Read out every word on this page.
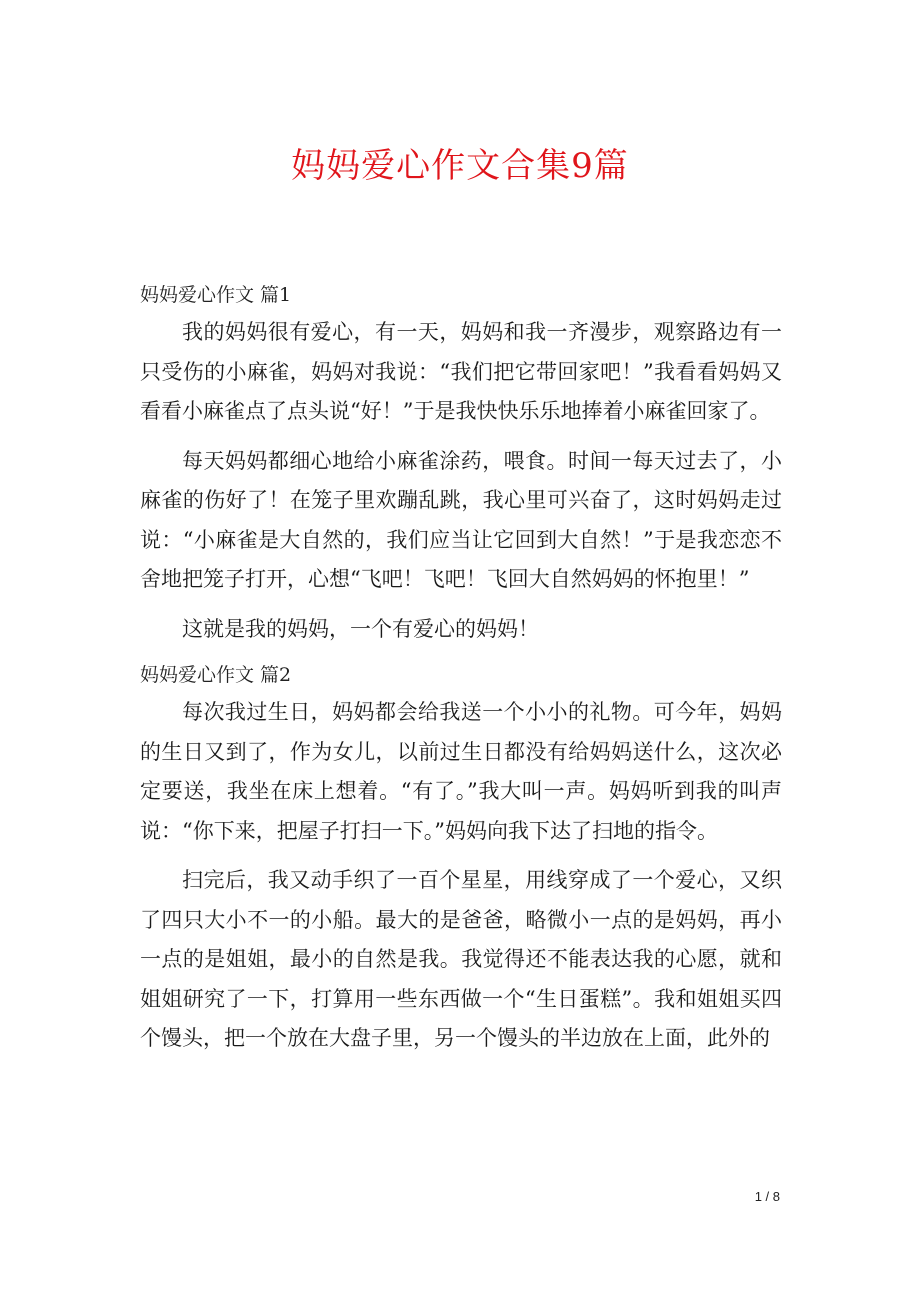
妈妈爱心作文合集9篇
妈妈爱心作文 篇1

我的妈妈很有爱心，有一天，妈妈和我一齐漫步，观察路边有一只受伤的小麻雀，妈妈对我说：“我们把它带回家吧！”我看看妈妈又看看小麻雀点了点头说“好！”于是我快快乐乐地捧着小麻雀回家了。

每天妈妈都细心地给小麻雀涂药，喂食。时间一每天过去了，小麻雀的伤好了！在笼子里欢蹦乱跳，我心里可兴奋了，这时妈妈走过说：“小麻雀是大自然的，我们应当让它回到大自然！”于是我恋恋不舍地把笼子打开，心想“飞吧！飞吧！飞回大自然妈妈的怀抱里！”

这就是我的妈妈，一个有爱心的妈妈！

妈妈爱心作文 篇2

每次我过生日，妈妈都会给我送一个小小的礼物。可今年，妈妈的生日又到了，作为女儿，以前过生日都没有给妈妈送什么，这次必定要送，我坐在床上想着。“有了。”我大叫一声。妈妈听到我的叫声说：“你下来，把屋子打扫一下。”妈妈向我下达了扫地的指令。

扫完后，我又动手织了一百个星星，用线穿成了一个爱心，又织了四只大小不一的小船。最大的是爸爸，略微小一点的是妈妈，再小一点的是姐姐，最小的自然是我。我觉得还不能表达我的心愿，就和姐姐研究了一下，打算用一些东西做一个“生日蛋糕”。我和姐姐买四个馒头，把一个放在大盘子里，另一个馒头的半边放在上面，此外的

1 / 8
